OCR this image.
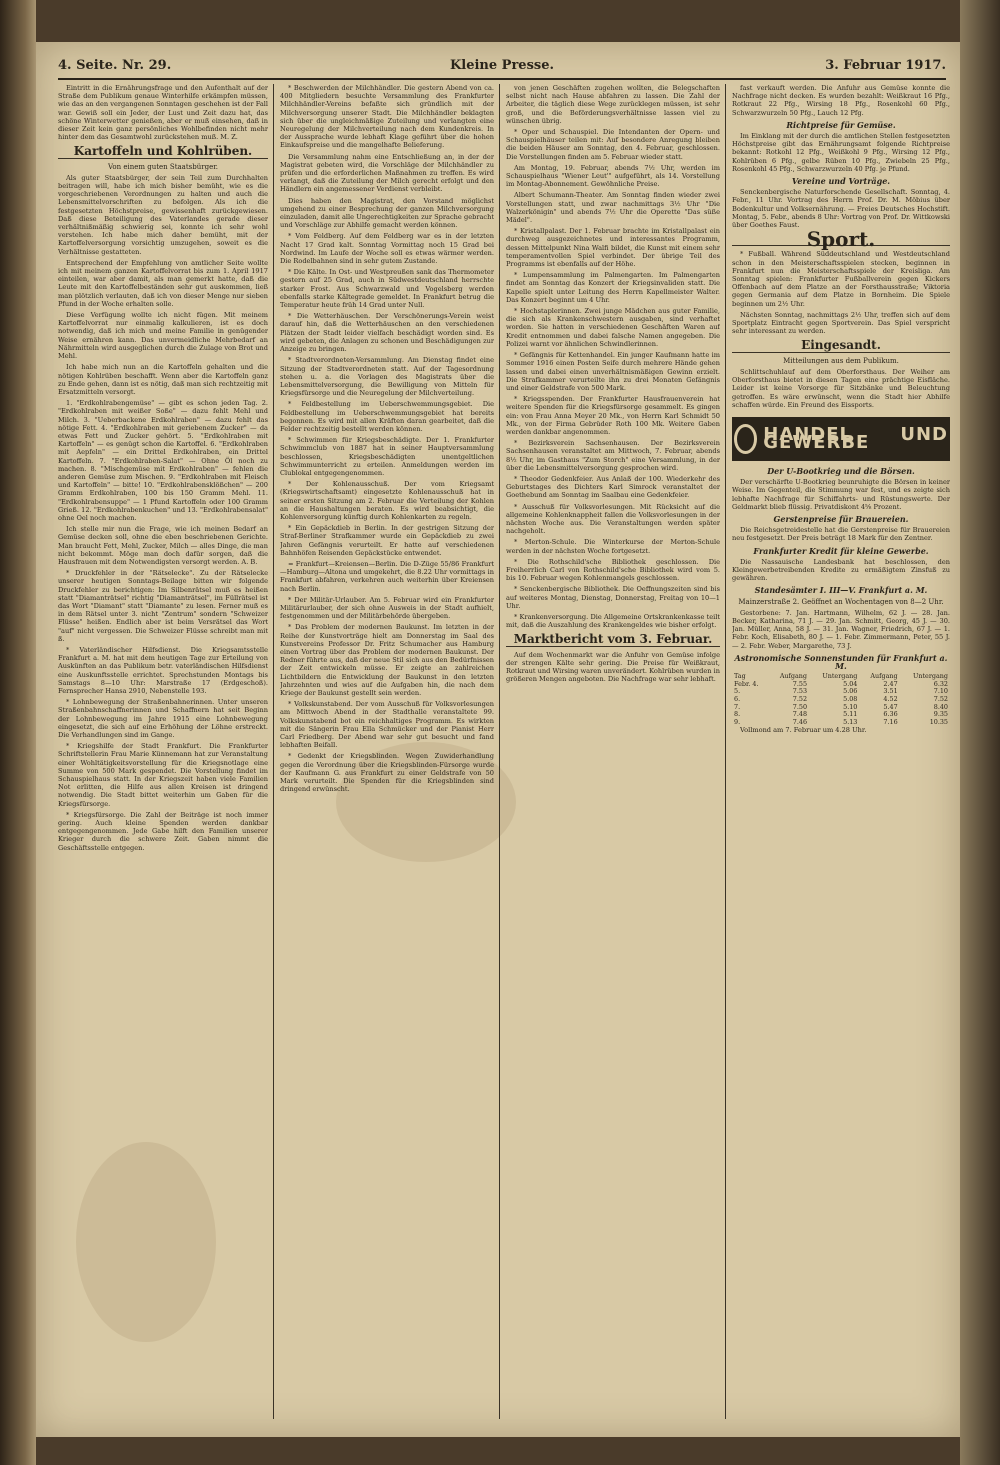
4. Seite. Nr. 29.	Kleine Presse.	3. Februar 1917.

Eintritt in die Ernährungsfrage und den Aufenthalt auf der Straße dem Publikum genaue Winterhilfe erkämpfen müssen, wie das an den vergangenen Sonntagen geschehen ist der Fall war. Gewiß soll ein Jeder, der Lust und Zeit dazu hat, das schöne Winterwetter genießen, aber er muß einsehen, daß in dieser Zeit kein ganz persönliches Wohlbefinden nicht mehr hinter dem das Gesamtwohl zurückstehen muß. M. Z.

Kartoffeln und Kohlrüben.
Von einem guten Staatsbürger.

Als guter Staatsbürger, der sein Teil zum Durchhalten beitragen will, habe ich mich bisher bemüht, wie es die vorgeschriebenen Verordnungen zu halten und auch die Lebensmittelvorschriften zu befolgen. Als ich die festgesetzten Höchstpreise, gewissenhaft zurückgewiesen. Daß diese Beteiligung des Vaterlandes gerade dieser verhältnißmäßig schwierig sei, konnte ich sehr wohl verstehen. Ich habe mich daher bemüht, mit der Kartoffelversorgung vorsichtig umzugehen, soweit es die Verhältnisse gestatteten.

Entsprechend der Empfehlung von amtlicher Seite wollte ich mit meinem ganzen Kartoffelvorrat bis zum 1. April 1917 einteilen, war aber damit, als man gemerkt hatte, daß die Leute mit den Kartoffelbeständen sehr gut auskommen, ließ man plötzlich verlauten, daß ich von dieser Menge nur sieben Pfund in der Woche erhalten solle.

Diese Verfügung wollte ich nicht fügen. Mit meinem Kartoffelvorrat nur einmalig kalkulieren, ist es doch notwendig, daß ich mich und meine Familie in genügender Weise ernähren kann. Das unvermeidliche Mehrbedarf an Nährmitteln wird ausgeglichen durch die Zulage von Brot und Mehl.

Ich habe mich nun an die Kartoffeln gehalten und die nötigen Kohlrüben beschafft. Wenn aber die Kartoffeln ganz zu Ende gehen, dann ist es nötig, daß man sich rechtzeitig mit Ersatzmitteln versorgt.

1. "Erdkohlrabengemüse" — gibt es schon jeden Tag. 2. "Erdkohlraben mit weißer Soße" — dazu fehlt Mehl und Milch. 3. "Ueberbackene Erdkohlraben" — dazu fehlt das nötige Fett. 4. "Erdkohlraben mit geriebenem Zucker" — da etwas Fett und Zucker gehört. 5. "Erdkohlraben mit Kartoffeln" — es genügt schon die Kartoffel. 6. "Erdkohlraben mit Aepfeln" — ein Drittel Erdkohlraben, ein Drittel Kartoffeln. 7. "Erdkohlraben-Salat" — Ohne Öl noch zu machen. 8. "Mischgemüse mit Erdkohlraben" — fehlen die anderen Gemüse zum Mischen. 9. "Erdkohlraben mit Fleisch und Kartoffeln" — bitte! 10. "Erdkohlrabensklößchen" — 200 Gramm Erdkohlraben, 100 bis 150 Gramm Mehl. 11. "Erdkohlrabensuppe" — 1 Pfund Kartoffeln oder 100 Gramm Grieß. 12. "Erdkohlrabenkuchen" und 13. "Erdkohlrabensalat" ohne Oel noch machen.

Ich stelle mir nun die Frage, wie ich meinen Bedarf an Gemüse decken soll, ohne die eben beschriebenen Gerichte. Man braucht Fett, Mehl, Zucker, Milch — alles Dinge, die man nicht bekommt. Möge man doch dafür sorgen, daß die Hausfrauen mit dem Notwendigsten versorgt werden. A. B.

* Druckfehler in der "Rätselecke". Zu der Rätselecke unserer heutigen Sonntags-Beilage bitten wir folgende Druckfehler zu berichtigen: Im Silbenrätsel muß es heißen statt "Diamanträtsel" richtig "Diamanträtsel", im Füllrätsel ist das Wort "Diamant" statt "Diamante" zu lesen. Ferner muß es in dem Rätsel unter 3. nicht "Zentrum" sondern "Schweizer Flüsse" heißen. Endlich aber ist beim Versrätsel das Wort "auf" nicht vergessen. Die Schweizer Flüsse schreibt man mit ß.

* Vaterländischer Hilfsdienst. Die Kriegsamtsstelle Frankfurt a. M. hat mit dem heutigen Tage zur Erteilung von Auskünften an das Publikum betr. vaterländischen Hilfsdienst eine Auskunftsstelle errichtet. Sprechstunden Montags bis Samstags 8—10 Uhr: Marstraße 17 (Erdgeschoß). Fernsprecher Hansa 2910, Nebenstelle 193.

* Lohnbewegung der Straßenbahnerinnen. Unter unseren Straßenbahnschaffnerinnen und Schaffnern hat seit Beginn der Lohnbewegung im Jahre 1915 eine Lohnbewegung eingesetzt, die sich auf eine Erhöhung der Löhne erstreckt. Die Verhandlungen sind im Gange.

* Kriegshilfe der Stadt Frankfurt. Die Frankfurter Schriftstellerin Frau Marie Künnemann hat zur Veranstaltung einer Wohltätigkeitsvorstellung für die Kriegsnotlage eine Summe von 500 Mark gespendet. Die Vorstellung findet im Schauspielhaus statt. In der Kriegszeit haben viele Familien Not erlitten, die Hilfe aus allen Kreisen ist dringend notwendig. Die Stadt bittet weiterhin um Gaben für die Kriegsfürsorge.

* Kriegsfürsorge. Die Zahl der Beiträge ist noch immer gering. Auch kleine Spenden werden dankbar entgegengenommen. Jede Gabe hilft den Familien unserer Krieger durch die schwere Zeit. Gaben nimmt die Geschäftsstelle entgegen.

* Beschwerden der Milchhändler. Die gestern Abend von ca. 400 Mitgliedern besuchte Versammlung des Frankfurter Milchhändler-Vereins befaßte sich gründlich mit der Milchversorgung unserer Stadt. Die Milchhändler beklagten sich über die ungleichmäßige Zuteilung und verlangten eine Neuregelung der Milchverteilung nach dem Kundenkreis. In der Aussprache wurde lebhaft Klage geführt über die hohen Einkaufspreise und die mangelhafte Belieferung.

Die Versammlung nahm eine Entschließung an, in der der Magistrat gebeten wird, die Vorschläge der Milchhändler zu prüfen und die erforderlichen Maßnahmen zu treffen. Es wird verlangt, daß die Zuteilung der Milch gerecht erfolgt und den Händlern ein angemessener Verdienst verbleibt.

Dies haben den Magistrat, den Vorstand möglichst umgehend zu einer Besprechung der ganzen Milchversorgung einzuladen, damit alle Ungerechtigkeiten zur Sprache gebracht und Vorschläge zur Abhilfe gemacht werden können.

* Vom Feldberg. Auf dem Feldberg war es in der letzten Nacht 17 Grad kalt. Sonntag Vormittag noch 15 Grad bei Nordwind. Im Laufe der Woche soll es etwas wärmer werden. Die Rodelbahnen sind in sehr gutem Zustande.

* Die Kälte. In Ost- und Westpreußen sank das Thermometer gestern auf 25 Grad, auch in Südwestdeutschland herrschte starker Frost. Aus Schwarzwald und Vogelsberg werden ebenfalls starke Kältegrade gemeldet. In Frankfurt betrug die Temperatur heute früh 14 Grad unter Null.

* Die Wetterhäuschen. Der Verschönerungs-Verein weist darauf hin, daß die Wetterhäuschen an den verschiedenen Plätzen der Stadt leider vielfach beschädigt worden sind. Es wird gebeten, die Anlagen zu schonen und Beschädigungen zur Anzeige zu bringen.

* Stadtverordneten-Versammlung. Am Dienstag findet eine Sitzung der Stadtverordneten statt. Auf der Tagesordnung stehen u. a. die Vorlagen des Magistrats über die Lebensmittelversorgung, die Bewilligung von Mitteln für Kriegsfürsorge und die Neuregelung der Milchverteilung.

* Feldbestellung im Ueberschwemmungsgebiet. Die Feldbestellung im Ueberschwemmungsgebiet hat bereits begonnen. Es wird mit allen Kräften daran gearbeitet, daß die Felder rechtzeitig bestellt werden können.

* Schwimmen für Kriegsbeschädigte. Der 1. Frankfurter Schwimmclub von 1887 hat in seiner Hauptversammlung beschlossen, Kriegsbeschädigten unentgeltlichen Schwimmunterricht zu erteilen. Anmeldungen werden im Clublokal entgegengenommen.

* Der Kohlenausschuß. Der vom Kriegsamt (Kriegswirtschaftsamt) eingesetzte Kohlenausschuß hat in seiner ersten Sitzung am 2. Februar die Verteilung der Kohlen an die Haushaltungen beraten. Es wird beabsichtigt, die Kohlenversorgung künftig durch Kohlenkarten zu regeln.

* Ein Gepäckdieb in Berlin. In der gestrigen Sitzung der Straf-Berliner Strafkammer wurde ein Gepäckdieb zu zwei Jahren Gefängnis verurteilt. Er hatte auf verschiedenen Bahnhöfen Reisenden Gepäckstücke entwendet.

= Frankfurt—Kreiensen—Berlin. Die D-Züge 55/86 Frankfurt—Hamburg—Altona und umgekehrt, die 8.22 Uhr vormittags in Frankfurt abfahren, verkehren auch weiterhin über Kreiensen nach Berlin.

* Der Militär-Urlauber. Am 5. Februar wird ein Frankfurter Militärurlauber, der sich ohne Ausweis in der Stadt aufhielt, festgenommen und der Militärbehörde übergeben.

* Das Problem der modernen Baukunst. Im letzten in der Reihe der Kunstvorträge hielt am Donnerstag im Saal des Kunstvereins Professor Dr. Fritz Schumacher aus Hamburg einen Vortrag über das Problem der modernen Baukunst. Der Redner führte aus, daß der neue Stil sich aus den Bedürfnissen der Zeit entwickeln müsse. Er zeigte an zahlreichen Lichtbildern die Entwicklung der Baukunst in den letzten Jahrzehnten und wies auf die Aufgaben hin, die nach dem Kriege der Baukunst gestellt sein werden.

* Volkskunstabend. Der vom Ausschuß für Volksvorlesungen am Mittwoch Abend in der Stadthalle veranstaltete 99. Volkskunstabend bot ein reichhaltiges Programm. Es wirkten mit die Sängerin Frau Ella Schmücker und der Pianist Herr Carl Friedberg. Der Abend war sehr gut besucht und fand lebhaften Beifall.

* Gedenkt der Kriegsblinden. Wegen Zuwiderhandlung gegen die Verordnung über die Kriegsblinden-Fürsorge wurde der Kaufmann G. aus Frankfurt zu einer Geldstrafe von 50 Mark verurteilt. Die Spenden für die Kriegsblinden sind dringend erwünscht.

von jenen Geschäften zugehen wollten, die Belegschaften selbst nicht nach Hause abfahren zu lassen. Die Zahl der Arbeiter, die täglich diese Wege zurücklegen müssen, ist sehr groß, und die Beförderungsverhältnisse lassen viel zu wünschen übrig.

* Oper und Schauspiel. Die Intendanten der Opern- und Schauspielhäuser teilen mit: Auf besondere Anregung bleiben die beiden Häuser am Sonntag, den 4. Februar, geschlossen. Die Vorstellungen finden am 5. Februar wieder statt.

Am Montag, 19. Februar, abends 7½ Uhr, werden im Schauspielhaus "Wiener Leut'" aufgeführt, als 14. Vorstellung im Montag-Abonnement. Gewöhnliche Preise.

Albert Schumann-Theater. Am Sonntag finden wieder zwei Vorstellungen statt, und zwar nachmittags 3½ Uhr "Die Walzerkönigin" und abends 7½ Uhr die Operette "Das süße Mädel".

* Kristallpalast. Der 1. Februar brachte im Kristallpalast ein durchweg ausgezeichnetes und interessantes Programm, dessen Mittelpunkt Nina Walfi bildet, die Kunst mit einem sehr temperamentvollen Spiel verbindet. Der übrige Teil des Programms ist ebenfalls auf der Höhe.

* Lumpensammlung im Palmengarten. Im Palmengarten findet am Sonntag das Konzert der Kriegsinvaliden statt. Die Kapelle spielt unter Leitung des Herrn Kapellmeister Walter. Das Konzert beginnt um 4 Uhr.

* Hochstaplerinnen. Zwei junge Mädchen aus guter Familie, die sich als Krankenschwestern ausgaben, sind verhaftet worden. Sie hatten in verschiedenen Geschäften Waren auf Kredit entnommen und dabei falsche Namen angegeben. Die Polizei warnt vor ähnlichen Schwindlerinnen.

* Gefängnis für Kettenhandel. Ein junger Kaufmann hatte im Sommer 1916 einen Posten Seife durch mehrere Hände gehen lassen und dabei einen unverhältnismäßigen Gewinn erzielt. Die Strafkammer verurteilte ihn zu drei Monaten Gefängnis und einer Geldstrafe von 500 Mark.

* Kriegsspenden. Der Frankfurter Hausfrauenverein hat weitere Spenden für die Kriegsfürsorge gesammelt. Es gingen ein: von Frau Anna Meyer 20 Mk., von Herrn Karl Schmidt 50 Mk., von der Firma Gebrüder Roth 100 Mk. Weitere Gaben werden dankbar angenommen.

* Bezirksverein Sachsenhausen. Der Bezirksverein Sachsenhausen veranstaltet am Mittwoch, 7. Februar, abends 8½ Uhr, im Gasthaus "Zum Storch" eine Versammlung, in der über die Lebensmittelversorgung gesprochen wird.

* Theodor Gedenkfeier. Aus Anlaß der 100. Wiederkehr des Geburtstages des Dichters Karl Simrock veranstaltet der Goethebund am Sonntag im Saalbau eine Gedenkfeier.

* Ausschuß für Volksvorlesungen. Mit Rücksicht auf die allgemeine Kohlenknappheit fallen die Volksvorlesungen in der nächsten Woche aus. Die Veranstaltungen werden später nachgeholt.

* Merton-Schule. Die Winterkurse der Merton-Schule werden in der nächsten Woche fortgesetzt.

* Die Rothschild'sche Bibliothek geschlossen. Die Freiherrlich Carl von Rothschild'sche Bibliothek wird vom 5. bis 10. Februar wegen Kohlenmangels geschlossen.

* Senckenbergische Bibliothek. Die Oeffnungszeiten sind bis auf weiteres Montag, Dienstag, Donnerstag, Freitag von 10—1 Uhr.

* Krankenversorgung. Die Allgemeine Ortskrankenkasse teilt mit, daß die Auszahlung des Krankengeldes wie bisher erfolgt.

Marktbericht vom 3. Februar.

Auf dem Wochenmarkt war die Anfuhr von Gemüse infolge der strengen Kälte sehr gering. Die Preise für Weißkraut, Rotkraut und Wirsing waren unverändert. Kohlrüben wurden in größeren Mengen angeboten. Die Nachfrage war sehr lebhaft.

fast verkauft werden. Die Anfuhr aus Gemüse konnte die Nachfrage nicht decken. Es wurden bezahlt: Weißkraut 16 Pfg., Rotkraut 22 Pfg., Wirsing 18 Pfg., Rosenkohl 60 Pfg., Schwarzwurzeln 50 Pfg., Lauch 12 Pfg.

Richtpreise für Gemüse.

Im Einklang mit der durch die amtlichen Stellen festgesetzten Höchstpreise gibt das Ernährungsamt folgende Richtpreise bekannt: Rotkohl 12 Pfg., Weißkohl 9 Pfg., Wirsing 12 Pfg., Kohlrüben 6 Pfg., gelbe Rüben 10 Pfg., Zwiebeln 25 Pfg., Rosenkohl 45 Pfg., Schwarzwurzeln 40 Pfg. je Pfund.

Vereine und Vorträge.

Senckenbergische Naturforschende Gesellschaft. Sonntag, 4. Febr., 11 Uhr. Vortrag des Herrn Prof. Dr. M. Möbius über Bodenkultur und Volksernährung. — Freies Deutsches Hochstift. Montag, 5. Febr., abends 8 Uhr: Vortrag von Prof. Dr. Wittkowski über Goethes Faust.

Sport.

* Fußball. Während Süddeutschland und Westdeutschland schon in den Meisterschaftsspielen stecken, beginnen in Frankfurt nun die Meisterschaftsspiele der Kreisliga. Am Sonntag spielen: Frankfurter Fußballverein gegen Kickers Offenbach auf dem Platze an der Forsthausstraße; Viktoria gegen Germania auf dem Platze in Bornheim. Die Spiele beginnen um 2½ Uhr.

Nächsten Sonntag, nachmittags 2½ Uhr, treffen sich auf dem Sportplatz Eintracht gegen Sportverein. Das Spiel verspricht sehr interessant zu werden.

Eingesandt.
Mitteilungen aus dem Publikum.

Schlittschuhlauf auf dem Oberforsthaus. Der Weiher am Oberforsthaus bietet in diesen Tagen eine prächtige Eisfläche. Leider ist keine Vorsorge für Sitzbänke und Beleuchtung getroffen. Es wäre erwünscht, wenn die Stadt hier Abhilfe schaffen würde. Ein Freund des Eissports.

HANDEL UND GEWERBE
Der U-Bootkrieg und die Börsen.

Der verschärfte U-Bootkrieg beunruhigte die Börsen in keiner Weise. Im Gegenteil, die Stimmung war fest, und es zeigte sich lebhafte Nachfrage für Schiffahrts- und Rüstungswerte. Der Geldmarkt blieb flüssig. Privatdiskont 4⅝ Prozent.

Gerstenpreise für Brauereien.

Die Reichsgetreidestelle hat die Gerstenpreise für Brauereien neu festgesetzt. Der Preis beträgt 18 Mark für den Zentner.

Frankfurter Kredit für kleine Gewerbe.

Die Nassauische Landesbank hat beschlossen, den Kleingewerbetreibenden Kredite zu ermäßigtem Zinsfuß zu gewähren.

Standesämter I. III—V. Frankfurt a. M.
Mainzerstraße 2. Geöffnet an Wochentagen von 8—2 Uhr.

Gestorbene: 7. Jan. Hartmann, Wilhelm, 62 J. — 28. Jan. Becker, Katharina, 71 J. — 29. Jan. Schmitt, Georg, 45 J. — 30. Jan. Müller, Anna, 58 J. — 31. Jan. Wagner, Friedrich, 67 J. — 1. Febr. Koch, Elisabeth, 80 J. — 1. Febr. Zimmermann, Peter, 55 J. — 2. Febr. Weber, Margarethe, 73 J.

Astronomische Sonnenstunden für Frankfurt a. M.
Tag	Aufgang	Untergang	Aufgang	Untergang
Febr. 4.	7.55	5.04	2.47	6.32
5.	7.53	5.06	3.51	7.10
6.	7.52	5.08	4.52	7.52
7.	7.50	5.10	5.47	8.40
8.	7.48	5.11	6.36	9.35
9.	7.46	5.13	7.16	10.35

Vollmond am 7. Februar um 4.28 Uhr.
